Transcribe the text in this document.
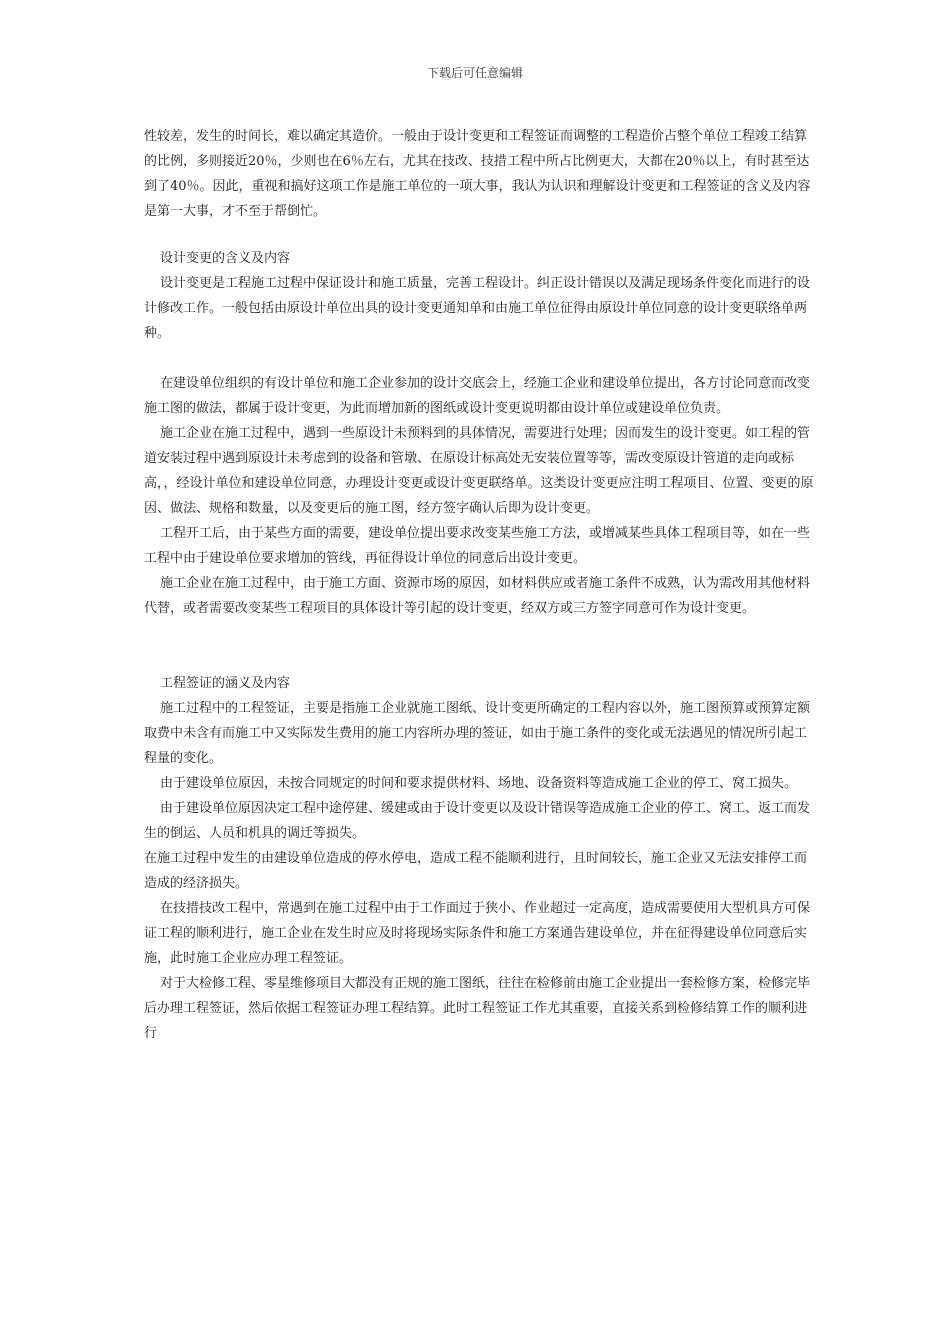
下载后可任意编辑

性较差，发生的时间长，难以确定其造价。一般由于设计变更和工程签证而调整的工程造价占整个单位工程竣工结算的比例，多则接近20％，少则也在6％左右，尤其在技改、技措工程中所占比例更大，大都在20％以上，有时甚至达到了40％。因此，重视和搞好这项工作是施工单位的一项大事，我认为认识和理解设计变更和工程签证的含义及内容是第一大事，才不至于帮倒忙。

设计变更的含义及内容

设计变更是工程施工过程中保证设计和施工质量，完善工程设计。纠正设计错误以及满足现场条件变化而进行的设计修改工作。一般包括由原设计单位出具的设计变更通知单和由施工单位征得由原设计单位同意的设计变更联络单两种。

在建设单位组织的有设计单位和施工企业参加的设计交底会上，经施工企业和建设单位提出，各方讨论同意而改变施工图的做法，都属于设计变更，为此而增加新的图纸或设计变更说明都由设计单位或建设单位负责。

施工企业在施工过程中，遇到一些原设计未预料到的具体情况，需要进行处理；因而发生的设计变更。如工程的管道安装过程中遇到原设计未考虑到的设备和管墩、在原设计标高处无安装位置等等，需改变原设计管道的走向或标高，，经设计单位和建设单位同意，办理设计变更或设计变更联络单。这类设计变更应注明工程项目、位置、变更的原因、做法、规格和数量，以及变更后的施工图，经方签字确认后即为设计变更。

工程开工后，由于某些方面的需要，建设单位提出要求改变某些施工方法，或增减某些具体工程项目等，如在一些工程中由于建设单位要求增加的管线，再征得设计单位的同意后出设计变更。

施工企业在施工过程中，由于施工方面、资源市场的原因，如材料供应或者施工条件不成熟，认为需改用其他材料代替，或者需要改变某些工程项目的具体设计等引起的设计变更，经双方或三方签字同意可作为设计变更。

工程签证的涵义及内容

施工过程中的工程签证，主要是指施工企业就施工图纸、设计变更所确定的工程内容以外，施工图预算或预算定额取费中未含有而施工中又实际发生费用的施工内容所办理的签证，如由于施工条件的变化或无法遇见的情况所引起工程量的变化。

由于建设单位原因，未按合同规定的时间和要求提供材料、场地、设备资料等造成施工企业的停工、窝工损失。

由于建设单位原因决定工程中途停建、缓建或由于设计变更以及设计错误等造成施工企业的停工、窝工、返工而发生的倒运、人员和机具的调迁等损失。

在施工过程中发生的由建设单位造成的停水停电，造成工程不能顺利进行，且时间较长，施工企业又无法安排停工而造成的经济损失。

在技措技改工程中，常遇到在施工过程中由于工作面过于狭小、作业超过一定高度，造成需要使用大型机具方可保证工程的顺利进行，施工企业在发生时应及时将现场实际条件和施工方案通告建设单位，并在征得建设单位同意后实施，此时施工企业应办理工程签证。

对于大检修工程、零星维修项目大都没有正规的施工图纸，往往在检修前由施工企业提出一套检修方案，检修完毕后办理工程签证，然后依据工程签证办理工程结算。此时工程签证工作尤其重要，直接关系到检修结算工作的顺利进行
